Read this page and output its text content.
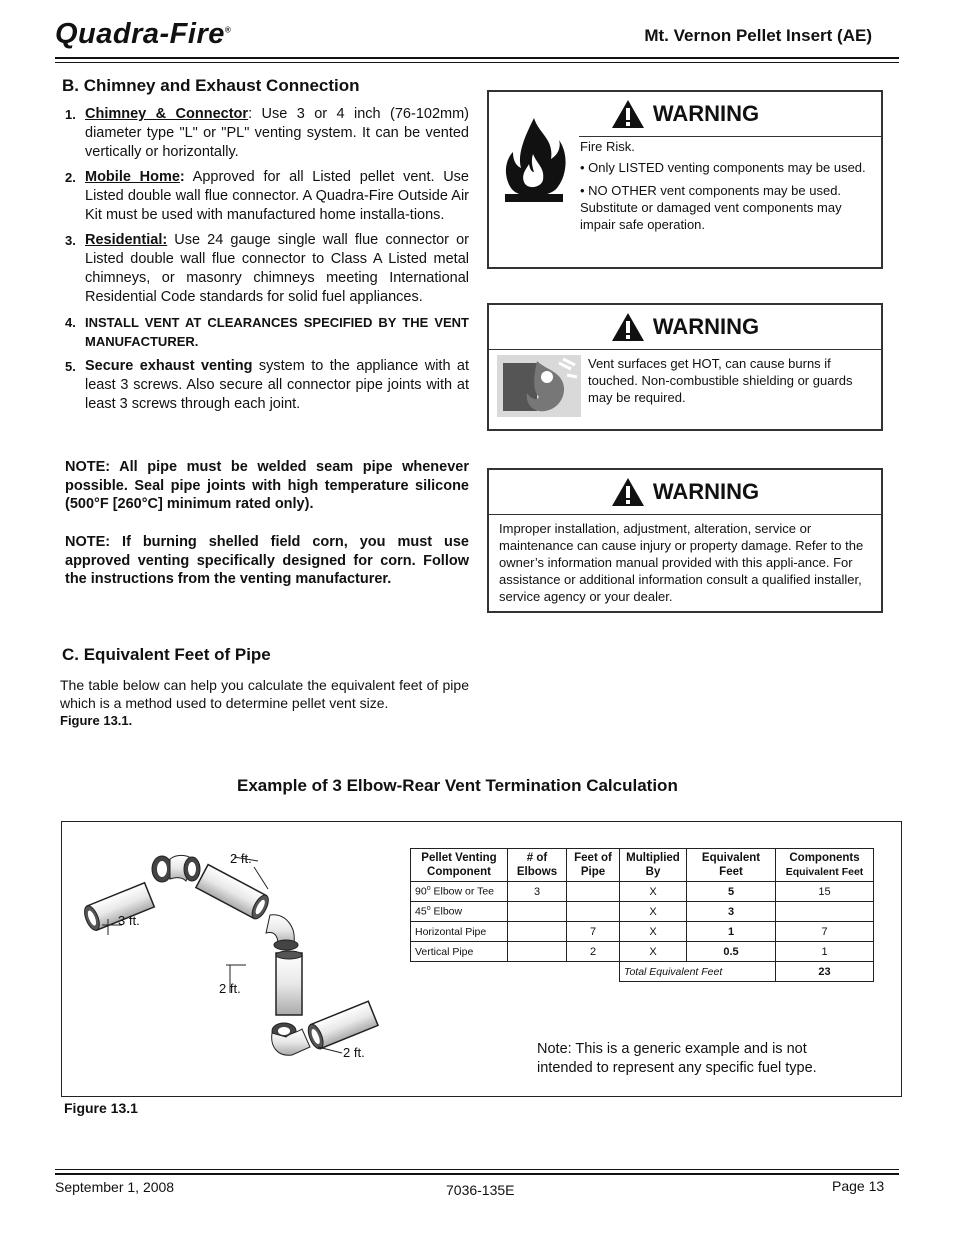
Quadra-Fire®	Mt. Vernon Pellet Insert (AE)
B. Chimney and Exhaust Connection
1. Chimney & Connector: Use 3 or 4 inch (76-102mm) diameter type "L" or "PL" venting system. It can be vented vertically or horizontally.
2. Mobile Home: Approved for all Listed pellet vent. Use Listed double wall flue connector. A Quadra-Fire Outside Air Kit must be used with manufactured home installa-tions.
3. Residential: Use 24 gauge single wall flue connector or Listed double wall flue connector to Class A Listed metal chimneys, or masonry chimneys meeting International Residential Code standards for solid fuel appliances.
4. INSTALL VENT AT CLEARANCES SPECIFIED BY THE VENT MANUFACTURER.
5. Secure exhaust venting system to the appliance with at least 3 screws. Also secure all connector pipe joints with at least 3 screws through each joint.
NOTE: All pipe must be welded seam pipe whenever possible. Seal pipe joints with high temperature silicone (500°F [260°C] minimum rated only).
NOTE: If burning shelled field corn, you must use approved venting specifically designed for corn. Follow the instructions from the venting manufacturer.
WARNING
Fire Risk.
• Only LISTED venting components may be used.
• NO OTHER vent components may be used. Substitute or damaged vent components may impair safe operation.
WARNING
Vent surfaces get HOT, can cause burns if touched. Non-combustible shielding or guards may be required.
WARNING
Improper installation, adjustment, alteration, service or maintenance can cause injury or property damage. Refer to the owner’s information manual provided with this appli-ance. For assistance or additional information consult a qualified installer, service agency or your dealer.
C. Equivalent Feet of Pipe
The table below can help you calculate the equivalent feet of pipe which is a method used to determine pellet vent size.
Figure 13.1.
Example of 3 Elbow-Rear Vent Termination Calculation
2 ft.
3 ft.
2 ft.
2 ft.
Pellet Venting Component	# of Elbows	Feet of Pipe	Multiplied By	Equivalent Feet	Components
Equivalent Feet
90$^o$ Elbow or Tee	3		X	5	15
45$^o$ Elbow			X	3	
Horizontal Pipe		7	X	1	7
Vertical Pipe		2	X	0.5	1
			Total Equivalent Feet		23
Note: This is a generic example and is not intended to represent any specific fuel type.
Figure 13.1
September 1, 2008	7036-135E	Page 13
